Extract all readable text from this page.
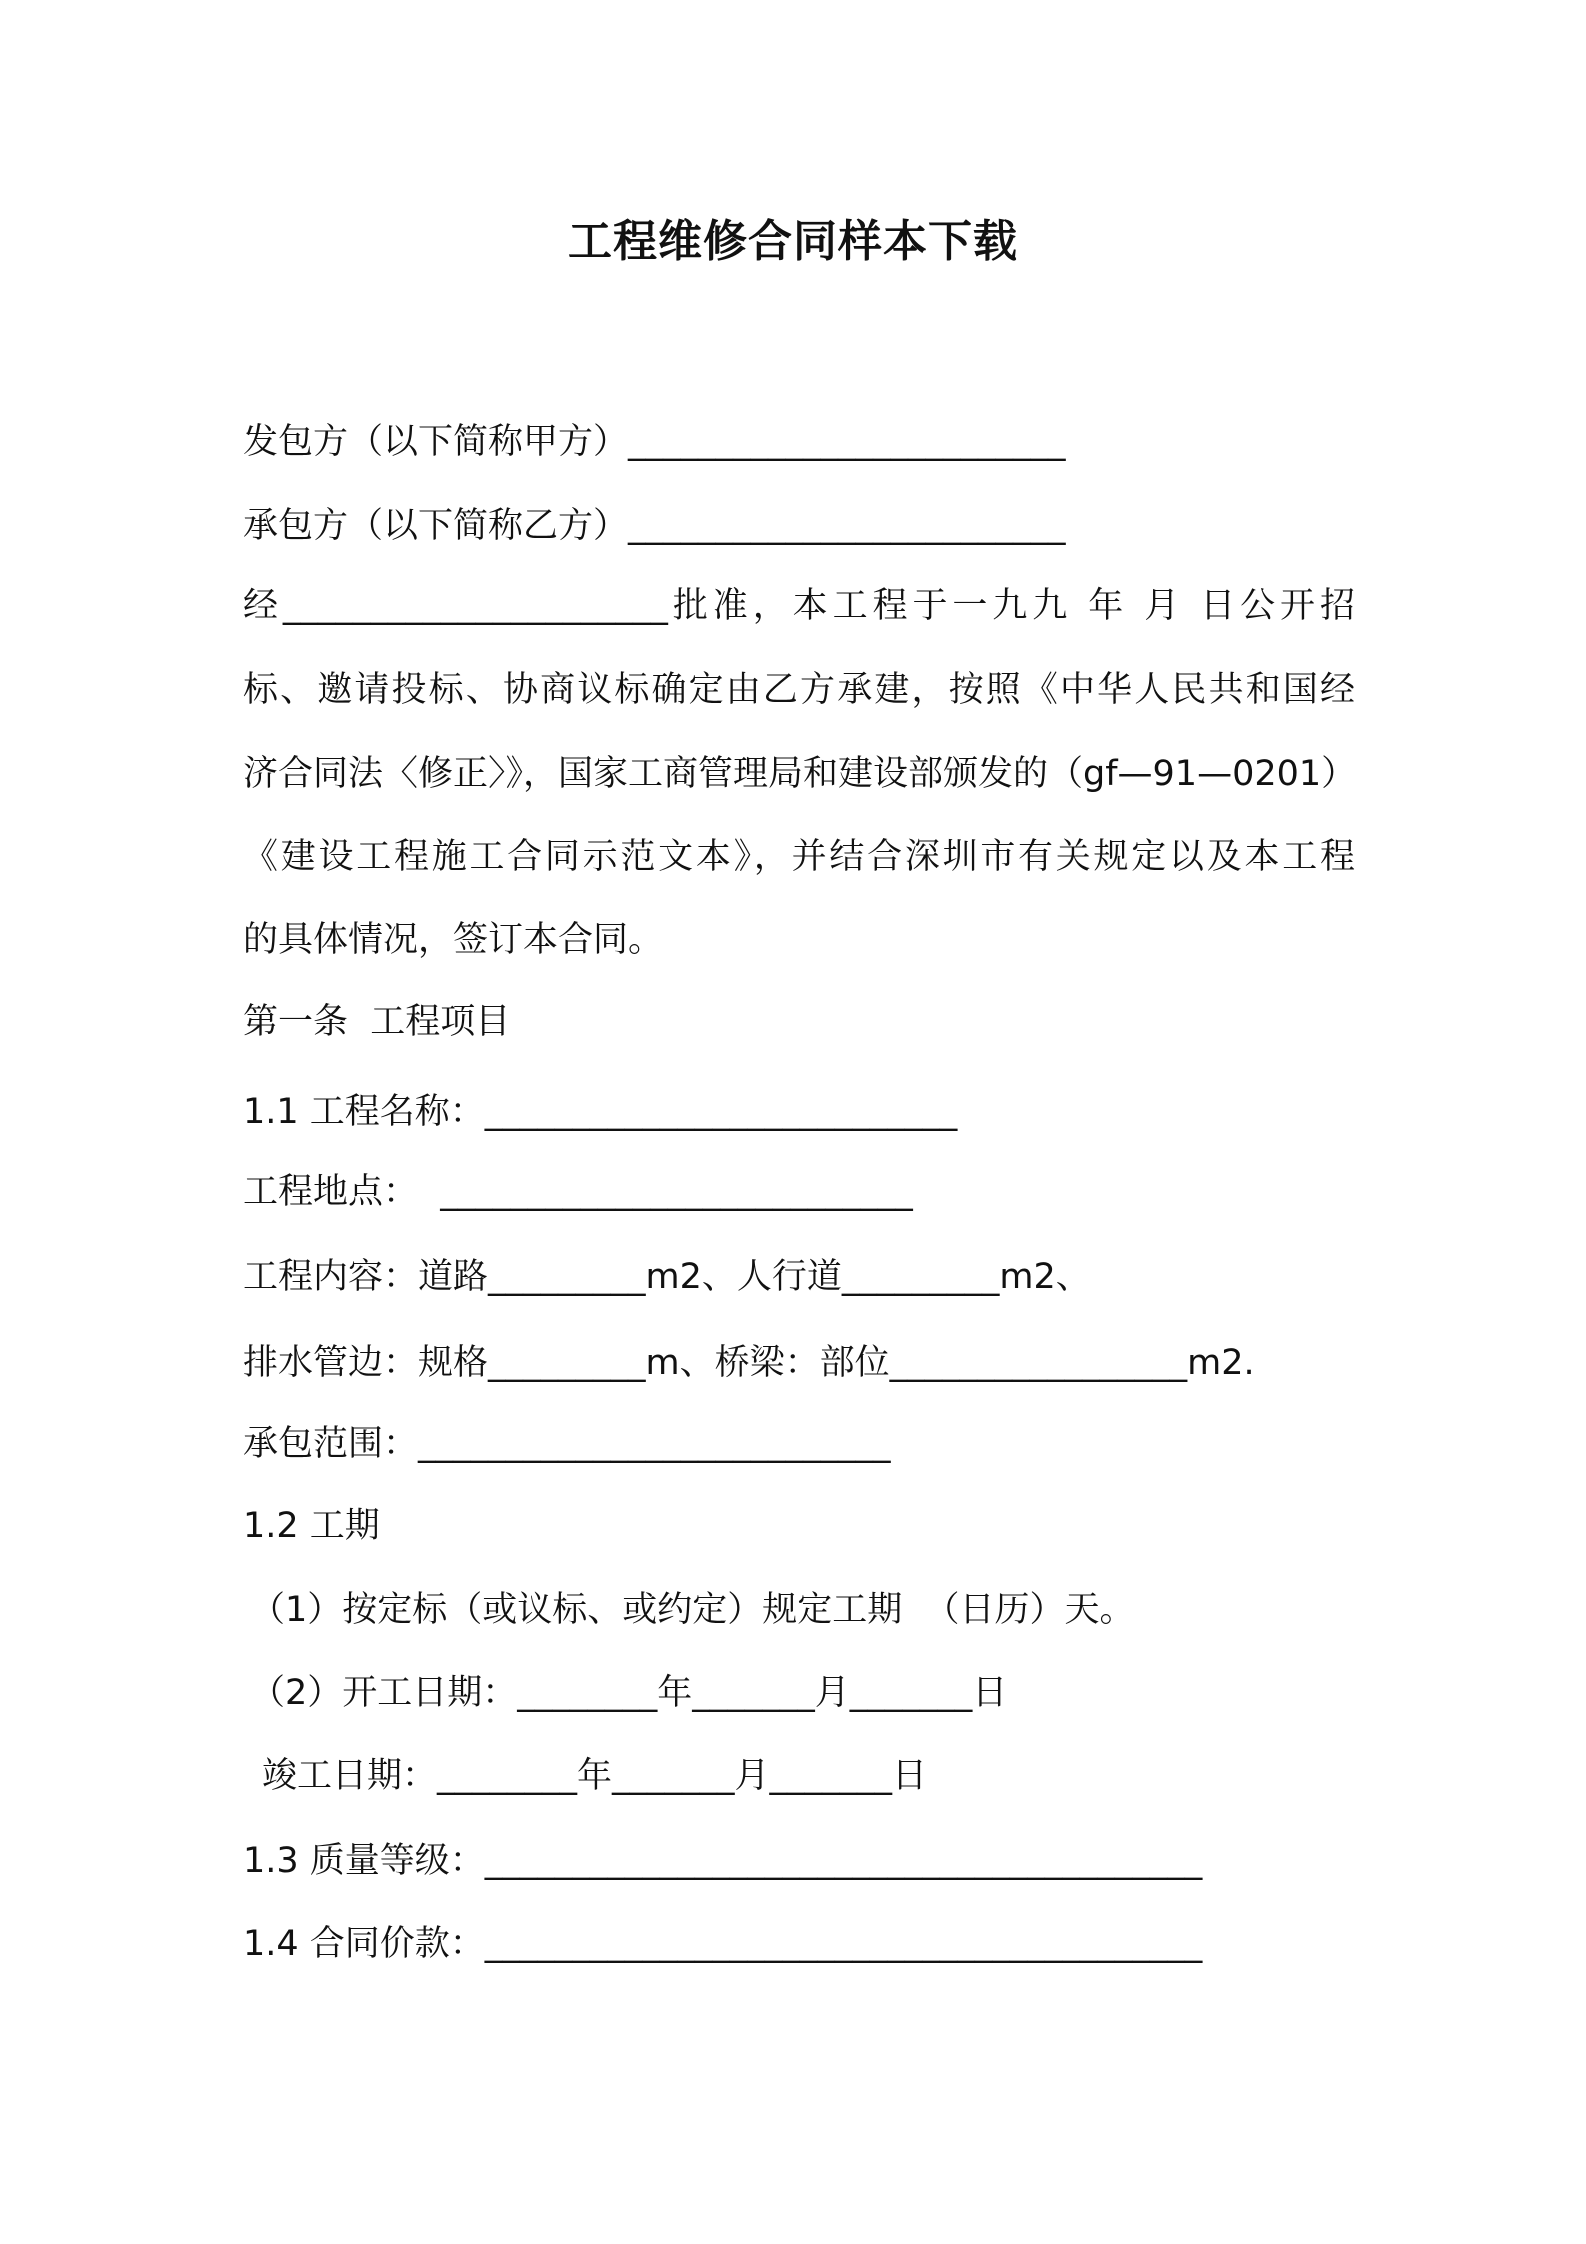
工程维修合同样本下载
发包方（以下简称甲方）_________________________
承包方（以下简称乙方）_________________________
经______________________批准，本工程于一九九 年 月 日公开招
标、邀请投标、协商议标确定由乙方承建，按照《中华人民共和国经
济合同法〈修正〉》，国家工商管理局和建设部颁发的（gf—91—0201）
《建设工程施工合同示范文本》，并结合深圳市有关规定以及本工程
的具体情况，签订本合同。
第一条  工程项目
1.1 工程名称：___________________________
工程地点：  ___________________________
工程内容：道路_________m2、人行道_________m2、
排水管边：规格_________m、桥梁：部位_________________m2.
承包范围：___________________________
1.2 工期
（1）按定标（或议标、或约定）规定工期  （日历）天。
（2）开工日期：________年_______月_______日
竣工日期：________年_______月_______日
1.3 质量等级：_________________________________________
1.4 合同价款：_________________________________________
